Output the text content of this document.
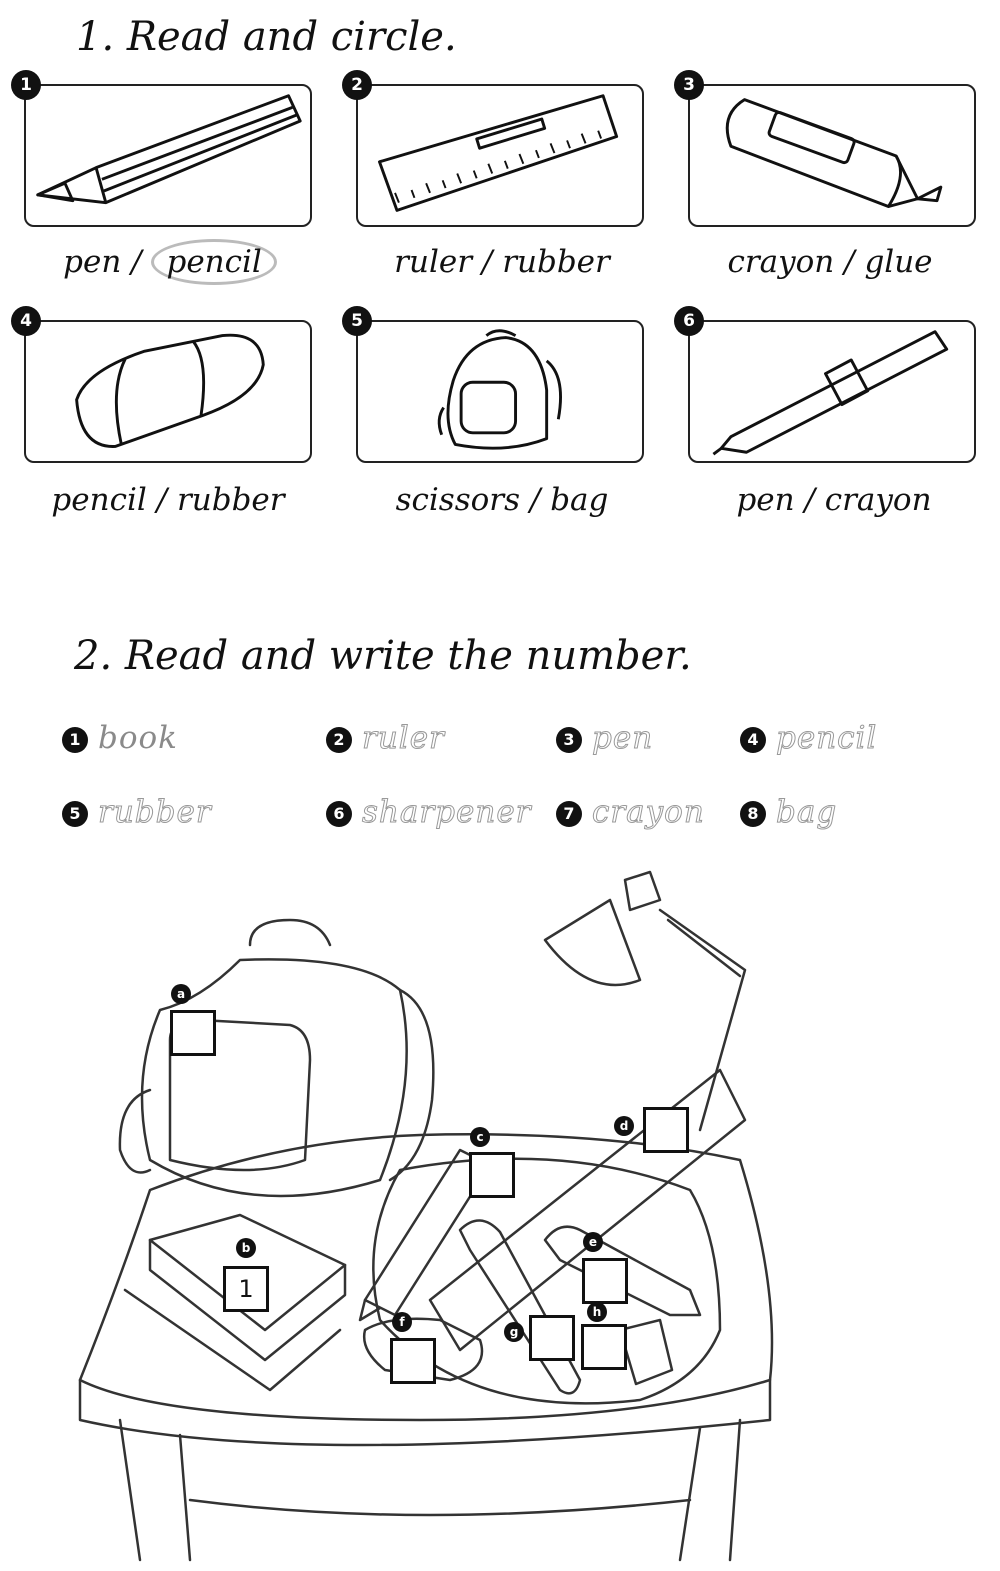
1. Read and circle.
1
pen / pencil
2
ruler / rubber
3
crayon / glue
4
pencil / rubber
5
scissors / bag
6
pen / crayon
2. Read and write the number.
1 book	2 ruler	3 pen	4 pencil
5 rubber	6 sharpener	7 crayon	8 bag
a
b
1
c
d
e
f
g
h
